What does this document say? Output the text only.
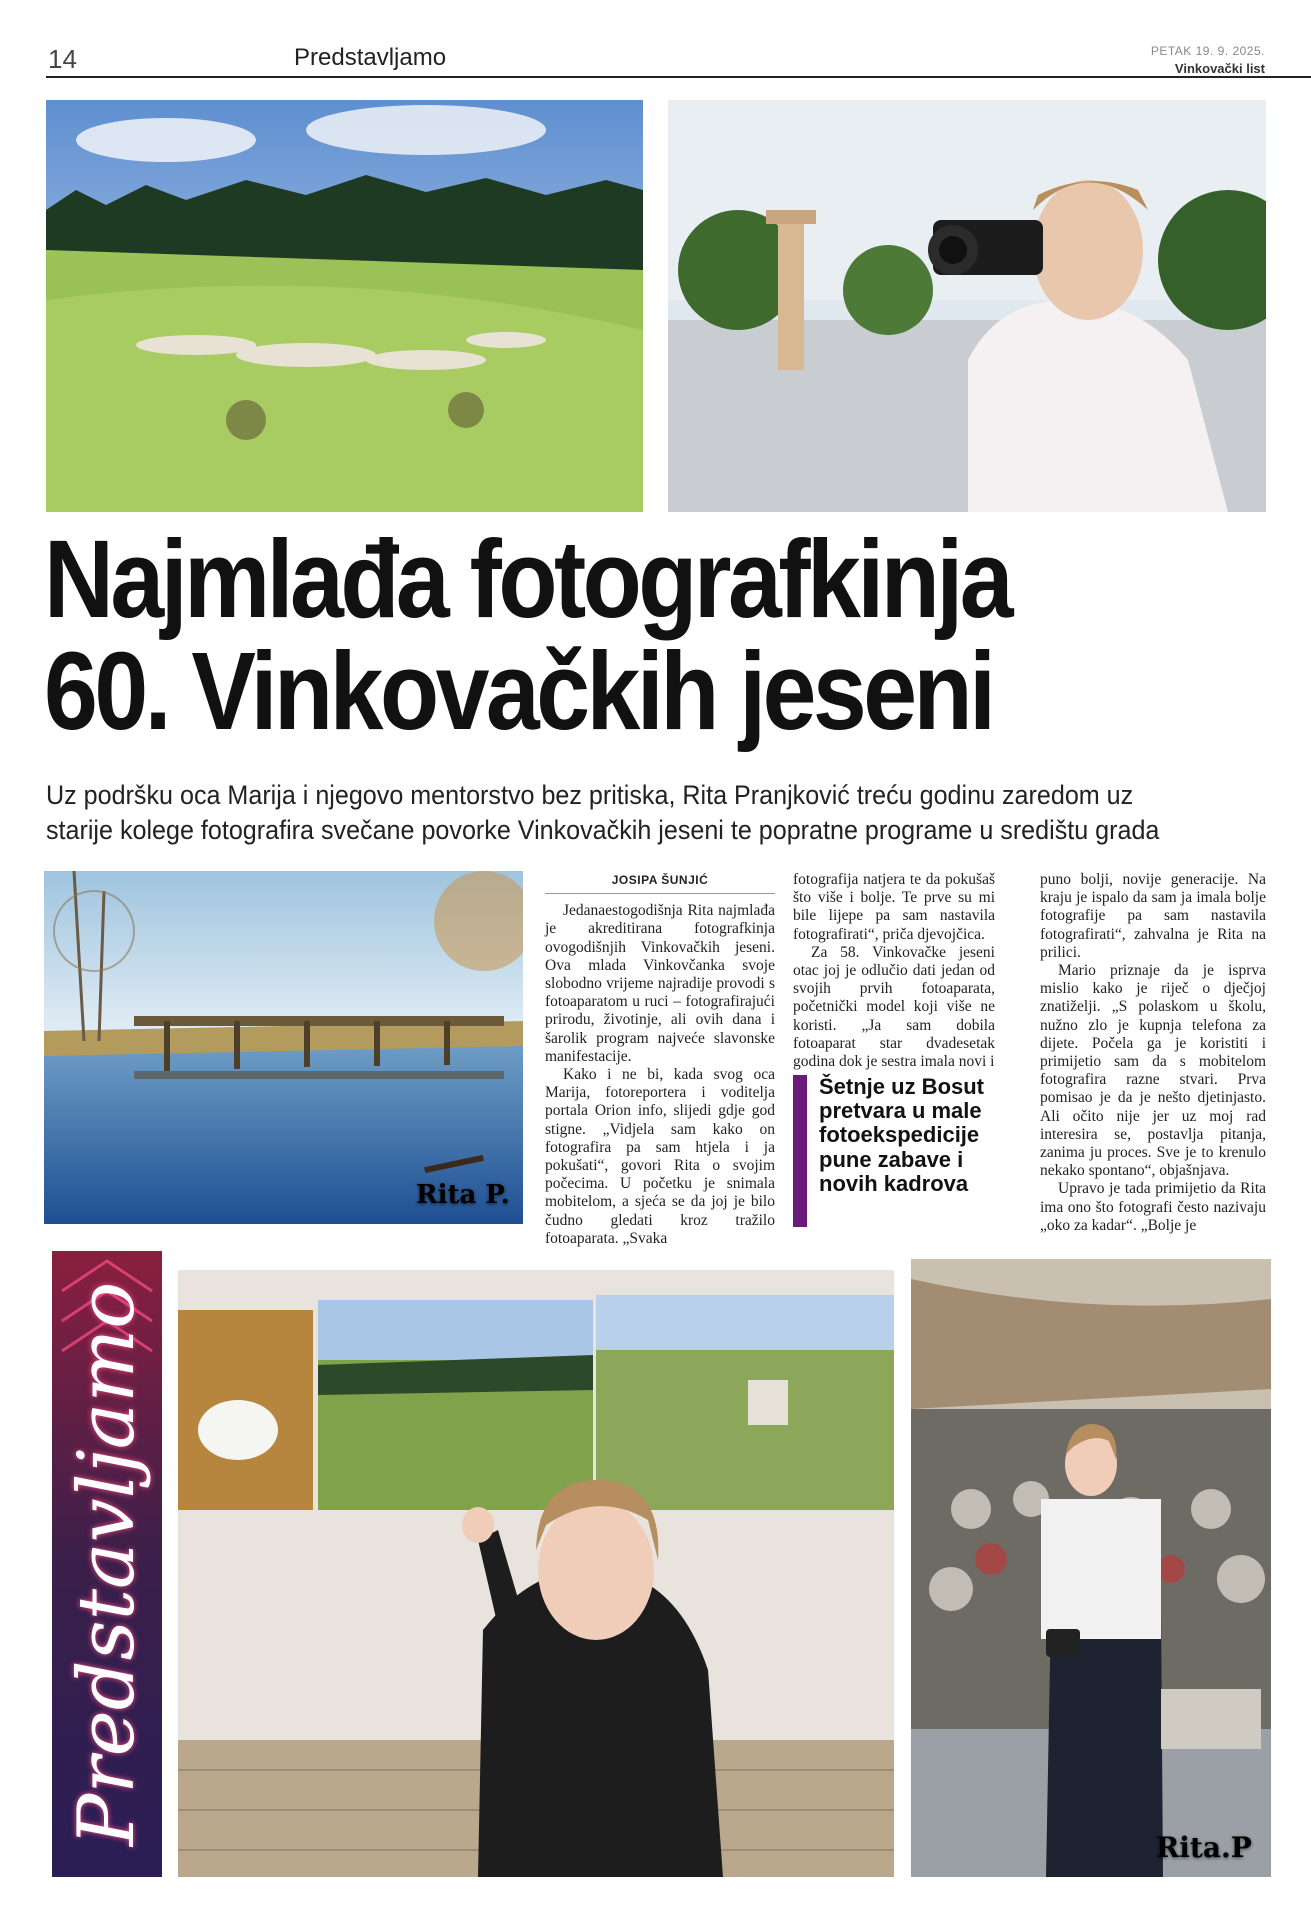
14	Predstavljamo	PETAK 19. 9. 2025.
Vinkovački list
Najmlađa fotografkinja
60. Vinkovačkih jeseni
Uz podršku oca Marija i njegovo mentorstvo bez pritiska, Rita Pranjković treću godinu zaredom uz starije kolege fotografira svečane povorke Vinkovačkih jeseni te popratne programe u središtu grada
Rita P.
JOSIPA ŠUNJIĆ

Jedanaestogodišnja Rita najmlađa je akreditirana fotografkinja ovogodišnjih Vinkovačkih jeseni. Ova mlada Vinkovčanka svoje slobodno vrijeme najradije provodi s fotoaparatom u ruci – fotografirajući prirodu, životinje, ali ovih dana i šarolik program najveće slavonske manifestacije.

Kako i ne bi, kada svog oca Marija, fotoreportera i voditelja portala Orion info, slijedi gdje god stigne. „Vidjela sam kako on fotografira pa sam htjela i ja pokušati“, govori Rita o svojim počecima. U početku je snimala mobitelom, a sjeća se da joj je bilo čudno gledati kroz tražilo fotoaparata. „Svaka

fotografija natjera te da pokušaš što više i bolje. Te prve su mi bile lijepe pa sam nastavila fotografirati“, priča djevojčica.

Za 58. Vinkovačke jeseni otac joj je odlučio dati jedan od svojih prvih fotoaparata, početnički model koji više ne koristi. „Ja sam dobila fotoaparat star dvadesetak godina dok je sestra imala novi i

Šetnje uz Bosut pretvara u male fotoekspedicije pune zabave i novih kadrova

puno bolji, novije generacije. Na kraju je ispalo da sam ja imala bolje fotografije pa sam nastavila fotografirati“, zahvalna je Rita na prilici.

Mario priznaje da je isprva mislio kako je riječ o dječjoj znatiželji. „S polaskom u školu, nužno zlo je kupnja telefona za dijete. Počela ga je koristiti i primijetio sam da s mobitelom fotografira razne stvari. Prva pomisao je da je nešto djetinjasto. Ali očito nije jer uz moj rad interesira se, postavlja pitanja, zanima ju proces. Sve je to krenulo nekako spontano“, objašnjava.

Upravo je tada primijetio da Rita ima ono što fotografi često nazivaju „oko za kadar“. „Bolje je

Predstavljamo
Rita.P
